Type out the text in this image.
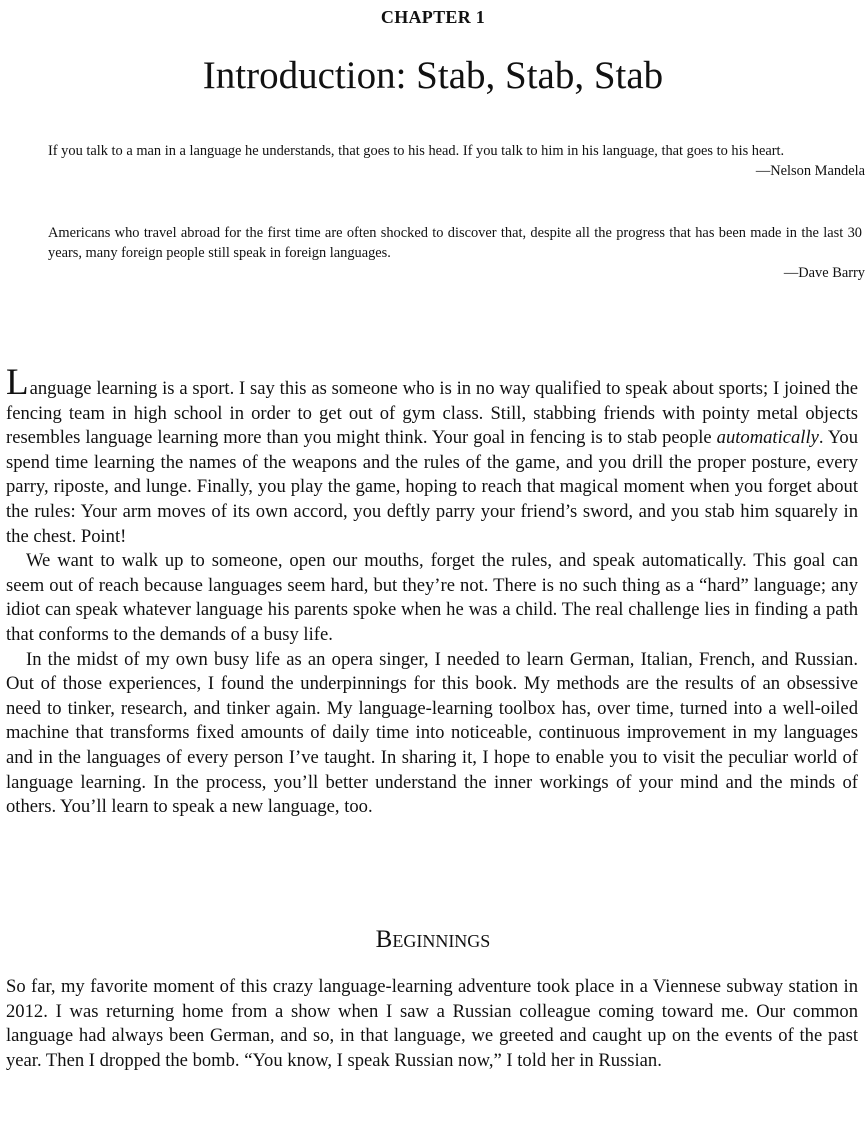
CHAPTER 1
Introduction: Stab, Stab, Stab

If you talk to a man in a language he understands, that goes to his head. If you talk to him in his language, that goes to his heart.

—Nelson Mandela

Americans who travel abroad for the first time are often shocked to discover that, despite all the progress that has been made in the last 30 years, many foreign people still speak in foreign languages.

—Dave Barry

Language learning is a sport. I say this as someone who is in no way qualified to speak about sports; I joined the fencing team in high school in order to get out of gym class. Still, stabbing friends with pointy metal objects resembles language learning more than you might think. Your goal in fencing is to stab people automatically. You spend time learning the names of the weapons and the rules of the game, and you drill the proper posture, every parry, riposte, and lunge. Finally, you play the game, hoping to reach that magical moment when you forget about the rules: Your arm moves of its own accord, you deftly parry your friend’s sword, and you stab him squarely in the chest. Point!

We want to walk up to someone, open our mouths, forget the rules, and speak automatically. This goal can seem out of reach because languages seem hard, but they’re not. There is no such thing as a “hard” language; any idiot can speak whatever language his parents spoke when he was a child. The real challenge lies in finding a path that conforms to the demands of a busy life.

In the midst of my own busy life as an opera singer, I needed to learn German, Italian, French, and Russian. Out of those experiences, I found the underpinnings for this book. My methods are the results of an obsessive need to tinker, research, and tinker again. My language-learning toolbox has, over time, turned into a well-oiled machine that transforms fixed amounts of daily time into noticeable, continuous improvement in my languages and in the languages of every person I’ve taught. In sharing it, I hope to enable you to visit the peculiar world of language learning. In the process, you’ll better understand the inner workings of your mind and the minds of others. You’ll learn to speak a new language, too.

Beginnings

So far, my favorite moment of this crazy language-learning adventure took place in a Viennese subway station in 2012. I was returning home from a show when I saw a Russian colleague coming toward me. Our common language had always been German, and so, in that language, we greeted and caught up on the events of the past year. Then I dropped the bomb. “You know, I speak Russian now,” I told her in Russian.
